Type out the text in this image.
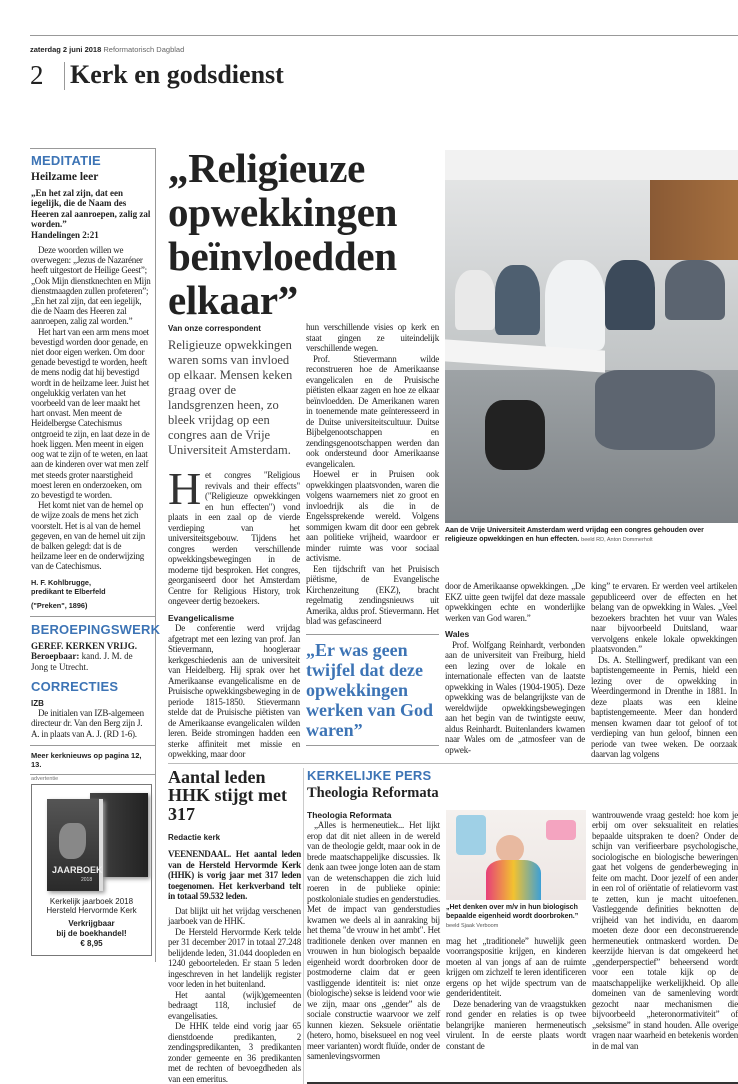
zaterdag 2 juni 2018 Reformatorisch Dagblad
2 Kerk en godsdienst
MEDITATIE
Heilzame leer
„En het zal zijn, dat een iegelijk, die de Naam des Heeren zal aanroepen, zalig zal worden.”
Handelingen 2:21

Deze woorden willen we overwegen: „Jezus de Nazaréner heeft uitgestort de Heilige Geest”; „Ook Mijn dienstknechten en Mijn dienstmaagden zullen profeteren”; „En het zal zijn, dat een iegelijk, die de Naam des Heeren zal aanroepen, zalig zal worden.”

Het hart van een arm mens moet bevestigd worden door genade, en niet door eigen werken. Om door genade bevestigd te worden, heeft de mens nodig dat hij bevestigd wordt in de heilzame leer. Juist het ongelukkig verlaten van het voorbeeld van de leer maakt het hart onvast. Men meent de Heidelbergse Catechismus ontgroeid te zijn, en laat deze in de hoek liggen. Men meent in eigen oog wat te zijn of te weten, en laat aan de kinderen over wat men zelf met steeds groter naarstigheid moest leren en onderzoeken, om zo bevestigd te worden.

Het komt niet van de hemel op de wijze zoals de mens het zich voorstelt. Het is al van de hemel gegeven, en van de hemel uit zijn de balken gelegd: dat is de heilzame leer en de onderwijzing van de Catechismus.

H. F. Kohlbrugge,
predikant te Elberfeld
("Preken", 1896)
BEROEPINGSWERK
GEREF. KERKEN VRIJG.
Beroepbaar: kand. J. M. de Jong te Utrecht.
CORRECTIES
IZB

De initialen van IZB-algemeen directeur dr. Van den Berg zijn J. A. in plaats van A. J. (RD 1-6).

Meer kerknieuws op pagina 12, 13.
advertentie
JAARBOEK
2018
Kerkelijk jaarboek 2018
Hersteld Hervormde Kerk
Verkrijgbaar
bij de boekhandel!
€ 8,95
„Religieuze opwekkingen beïnvloedden elkaar”
Aan de Vrije Universiteit Amsterdam werd vrijdag een congres gehouden over religieuze opwekkingen en hun effecten. beeld RD, Anton Dommerholt
Van onze correspondent
Religieuze opwekkingen waren soms van invloed op elkaar. Mensen keken graag over de landsgrenzen heen, zo bleek vrijdag op een congres aan de Vrije Universiteit Amsterdam.
H et congres "Religious revivals and their effects" ("Religieuze opwekkingen en hun effecten") vond plaats in een zaal op de vierde verdieping van het universiteitsgebouw. Tijdens het congres werden verschillende opwekkingsbewegingen in de moderne tijd besproken. Het congres, georganiseerd door het Amsterdam Centre for Religious History, trok ongeveer dertig bezoekers.

Evangelicalisme

De conferentie werd vrijdag afgetrapt met een lezing van prof. Jan Stievermann, hoogleraar kerkgeschiedenis aan de universiteit van Heidelberg. Hij sprak over het Amerikaanse evangelicalisme en de Pruisische opwekkingsbeweging in de periode 1815-1850. Stievermann stelde dat de Pruisische piëtisten van de Amerikaanse evangelicalen wilden leren. Beide stromingen hadden een sterke affiniteit met missie en opwekking, maar door

hun verschillende visies op kerk en staat gingen ze uiteindelijk verschillende wegen.

Prof. Stievermann wilde reconstrueren hoe de Amerikaanse evangelicalen en de Pruisische piëtisten elkaar zagen en hoe ze elkaar beïnvloedden. De Amerikanen waren in toenemende mate geïnteresseerd in de Duitse universiteitscultuur. Duitse Bijbelgenootschappen en zendingsgenootschappen werden dan ook ondersteund door Amerikaanse evangelicalen.

Hoewel er in Pruisen ook opwekkingen plaatsvonden, waren die volgens waarnemers niet zo groot en invloedrijk als die in de Engelssprekende wereld. Volgens sommigen kwam dit door een gebrek aan politieke vrijheid, waardoor er minder ruimte was voor sociaal activisme.

Een tijdschrift van het Pruisisch piëtisme, de Evangelische Kirchenzeitung (EKZ), bracht regelmatig zendingsnieuws uit Amerika, aldus prof. Stievermann. Het blad was gefascineerd

„Er was geen twijfel dat deze opwekkingen werken van God waren”

door de Amerikaanse opwekkingen. „De EKZ uitte geen twijfel dat deze massale opwekkingen echte en wonderlijke werken van God waren.”

Wales

Prof. Wolfgang Reinhardt, verbonden aan de universiteit van Freiburg, hield een lezing over de lokale en internationale effecten van de laatste opwekking in Wales (1904-1905). Deze opwekking was de belangrijkste van de wereldwijde opwekkingsbewegingen aan het begin van de twintigste eeuw, aldus Reinhardt. Buitenlanders kwamen naar Wales om de „atmosfeer van de opwek-

king” te ervaren. Er werden veel artikelen gepubliceerd over de effecten en het belang van de opwekking in Wales. „Veel bezoekers brachten het vuur van Wales naar bijvoorbeeld Duitsland, waar vervolgens enkele lokale opwekkingen plaatsvonden.”

Ds. A. Stellingwerf, predikant van een baptistengemeente in Pernis, hield een lezing over de opwekking in Weerdingermond in Drenthe in 1881. In deze plaats was een kleine baptistengemeente. Meer dan honderd mensen kwamen daar tot geloof of tot verdieping van hun geloof, binnen een periode van twee weken. De oorzaak daarvan lag volgens

Aantal leden HHK stijgt met 317
Redactie kerk

VEENENDAAL. Het aantal leden van de Hersteld Hervormde Kerk (HHK) is vorig jaar met 317 leden toegenomen. Het kerkverband telt in totaal 59.532 leden.

Dat blijkt uit het vrijdag verschenen jaarboek van de HHK.

De Hersteld Hervormde Kerk telde per 31 december 2017 in totaal 27.248 belijdende leden, 31.044 doopleden en 1240 geboorteleden. Er staan 5 leden ingeschreven in het landelijk register voor leden in het buitenland.

Het aantal (wijk)gemeenten bedraagt 118, inclusief de evangelisaties.

De HHK telde eind vorig jaar 65 dienstdoende predikanten, 2 zendingspredikanten, 3 predikanten zonder gemeente en 36 predikanten met de rechten of bevoegdheden als van een emeritus.

KERKELIJKE PERS
Theologia Reformata

Theologia Reformata

„Alles is hermeneutiek... Het lijkt erop dat dit niet alleen in de wereld van de theologie geldt, maar ook in de brede maatschappelijke discussies. Ik denk aan twee jonge loten aan de stam van de wetenschappen die zich luid roeren in de publieke opinie: postkoloniale studies en genderstudies. Met de impact van genderstudies kwamen we deels al in aanraking bij het thema "de vrouw in het ambt". Het traditionele denken over mannen en vrouwen in hun biologisch bepaalde eigenheid wordt doorbroken door de postmoderne claim dat er geen vastliggende identiteit is: niet onze (biologische) sekse is leidend voor wie we zijn, maar ons „gender” als de sociale constructie waarvoor we zelf kunnen kiezen. Seksuele oriëntatie (hetero, homo, biseksueel en nog veel meer varianten) wordt fluïde, onder de samenlevingsvormen

„Het denken over m/v in hun biologisch bepaalde eigenheid wordt doorbroken.” beeld Sjaak Verboom

mag het „traditionele” huwelijk geen voorrangspositie krijgen, en kinderen moeten al van jongs af aan de ruimte krijgen om zichzelf te leren identificeren ergens op het wijde spectrum van de genderidentiteit.

Deze benadering van de vraagstukken rond gender en relaties is op twee belangrijke manieren hermeneutisch virulent. In de eerste plaats wordt constant de

wantrouwende vraag gesteld: hoe kom je erbij om over seksualiteit en relaties bepaalde uitspraken te doen? Onder de schijn van verifieerbare psychologische, sociologische en biologische beweringen gaat het volgens de genderbeweging in feite om macht. Door jezelf of een ander in een rol of oriëntatie of relatievorm vast te zetten, kun je macht uitoefenen. Vastleggende definities beknotten de vrijheid van het individu, en daarom moeten deze door een deconstruerende hermeneutiek ontmaskerd worden. De keerzijde hiervan is dat omgekeerd het „genderperspectief” beheersend wordt voor een totale kijk op de maatschappelijke werkelijkheid. Op alle domeinen van de samenleving wordt gezocht naar mechanismen die bijvoorbeeld „heteronormativiteit” of „seksisme” in stand houden. Alle overige vragen naar waarheid en betekenis worden in de mal van
